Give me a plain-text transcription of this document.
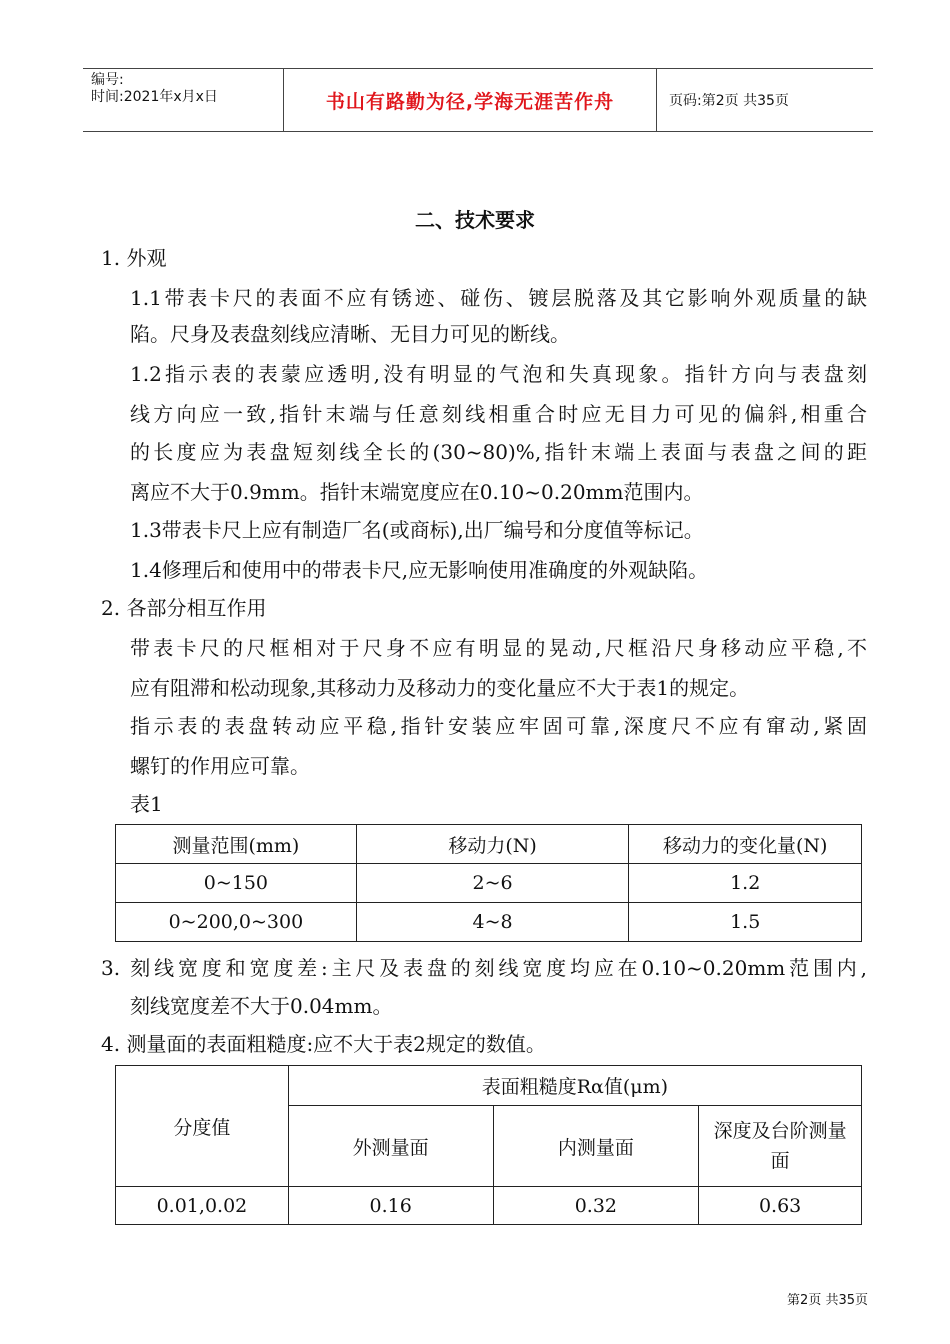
编号:
时间:2021年x月x日	书山有路勤为径,学海无涯苦作舟	页码:第2页 共35页
二、技术要求
1. 外观
1.1带表卡尺的表面不应有锈迹、碰伤、镀层脱落及其它影响外观质量的缺
陷。尺身及表盘刻线应清晰、无目力可见的断线。
1.2指示表的表蒙应透明,没有明显的气泡和失真现象。指针方向与表盘刻
线方向应一致,指针末端与任意刻线相重合时应无目力可见的偏斜,相重合
的长度应为表盘短刻线全长的(30~80)%,指针末端上表面与表盘之间的距
离应不大于0.9mm。指针末端宽度应在0.10~0.20mm范围内。
1.3带表卡尺上应有制造厂名(或商标),出厂编号和分度值等标记。
1.4修理后和使用中的带表卡尺,应无影响使用准确度的外观缺陷。
2. 各部分相互作用
带表卡尺的尺框相对于尺身不应有明显的晃动,尺框沿尺身移动应平稳,不
应有阻滞和松动现象,其移动力及移动力的变化量应不大于表1的规定。
指示表的表盘转动应平稳,指针安装应牢固可靠,深度尺不应有窜动,紧固
螺钉的作用应可靠。
表1
测量范围(mm)	移动力(N)	移动力的变化量(N)
0~150	2~6	1.2
0~200,0~300	4~8	1.5
3. 刻线宽度和宽度差:主尺及表盘的刻线宽度均应在0.10~0.20mm范围内,
刻线宽度差不大于0.04mm。
4. 测量面的表面粗糙度:应不大于表2规定的数值。
分度值	表面粗糙度Rα值(μm)		
	外测量面	内测量面	深度及台阶测量面
0.01,0.02	0.16	0.32	0.63
第2页 共35页
